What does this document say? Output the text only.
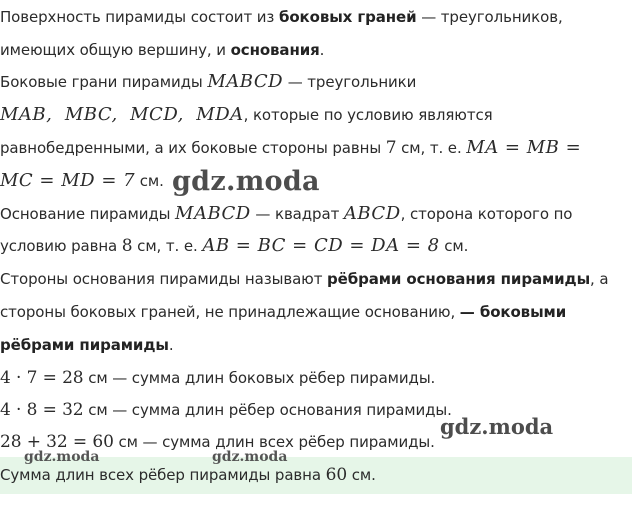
Поверхность пирамиды состоит из боковых граней — треугольников,
имеющих общую вершину, и основания.
Боковые грани пирамиды MABCD — треугольники
MAB,  MBC,  MCD,  MDA, которые по условию являются
равнобедренными, а их боковые стороны равны 7 см, т. е. MA = MB =
MC = MD = 7 см.
Основание пирамиды MABCD — квадрат ABCD, сторона которого по
условию равна 8 см, т. е. AB = BC = CD = DA = 8 см.
Стороны основания пирамиды называют рёбрами основания пирамиды, а
стороны боковых граней, не принадлежащие основанию, — боковыми
рёбрами пирамиды.
4 · 7 = 28 см — сумма длин боковых рёбер пирамиды.
4 · 8 = 32 см — сумма длин рёбер основания пирамиды.
28 + 32 = 60 см — сумма длин всех рёбер пирамиды.
Сумма длин всех рёбер пирамиды равна 60 см.
gdz.moda
gdz.moda
gdz.moda	gdz.moda
